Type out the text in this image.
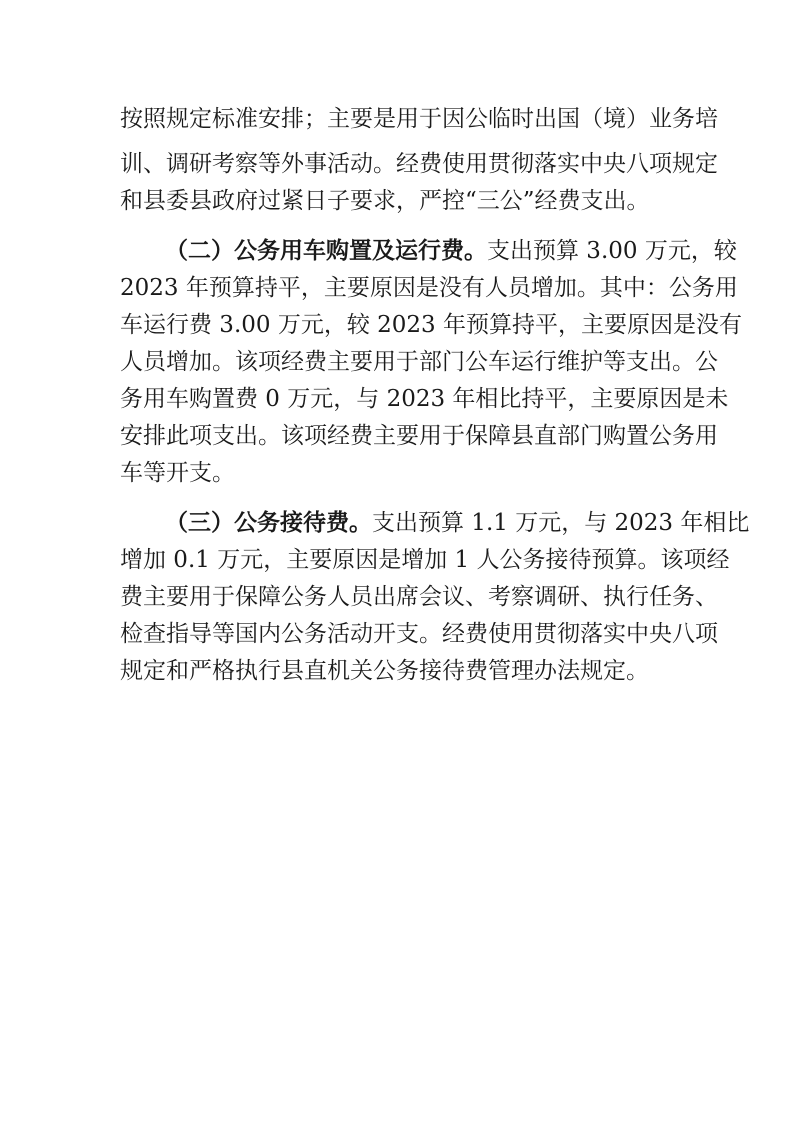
按照规定标准安排；主要是用于因公临时出国（境）业务培
训、调研考察等外事活动。经费使用贯彻落实中央八项规定
和县委县政府过紧日子要求，严控“三公”经费支出。
（二）公务用车购置及运行费。支出预算 3.00 万元，较
2023 年预算持平，主要原因是没有人员增加。其中：公务用
车运行费 3.00 万元，较 2023 年预算持平，主要原因是没有
人员增加。该项经费主要用于部门公车运行维护等支出。公
务用车购置费 0 万元，与 2023 年相比持平，主要原因是未
安排此项支出。该项经费主要用于保障县直部门购置公务用
车等开支。
（三）公务接待费。支出预算 1.1 万元，与 2023 年相比
增加 0.1 万元，主要原因是增加 1 人公务接待预算。该项经
费主要用于保障公务人员出席会议、考察调研、执行任务、
检查指导等国内公务活动开支。经费使用贯彻落实中央八项
规定和严格执行县直机关公务接待费管理办法规定。
